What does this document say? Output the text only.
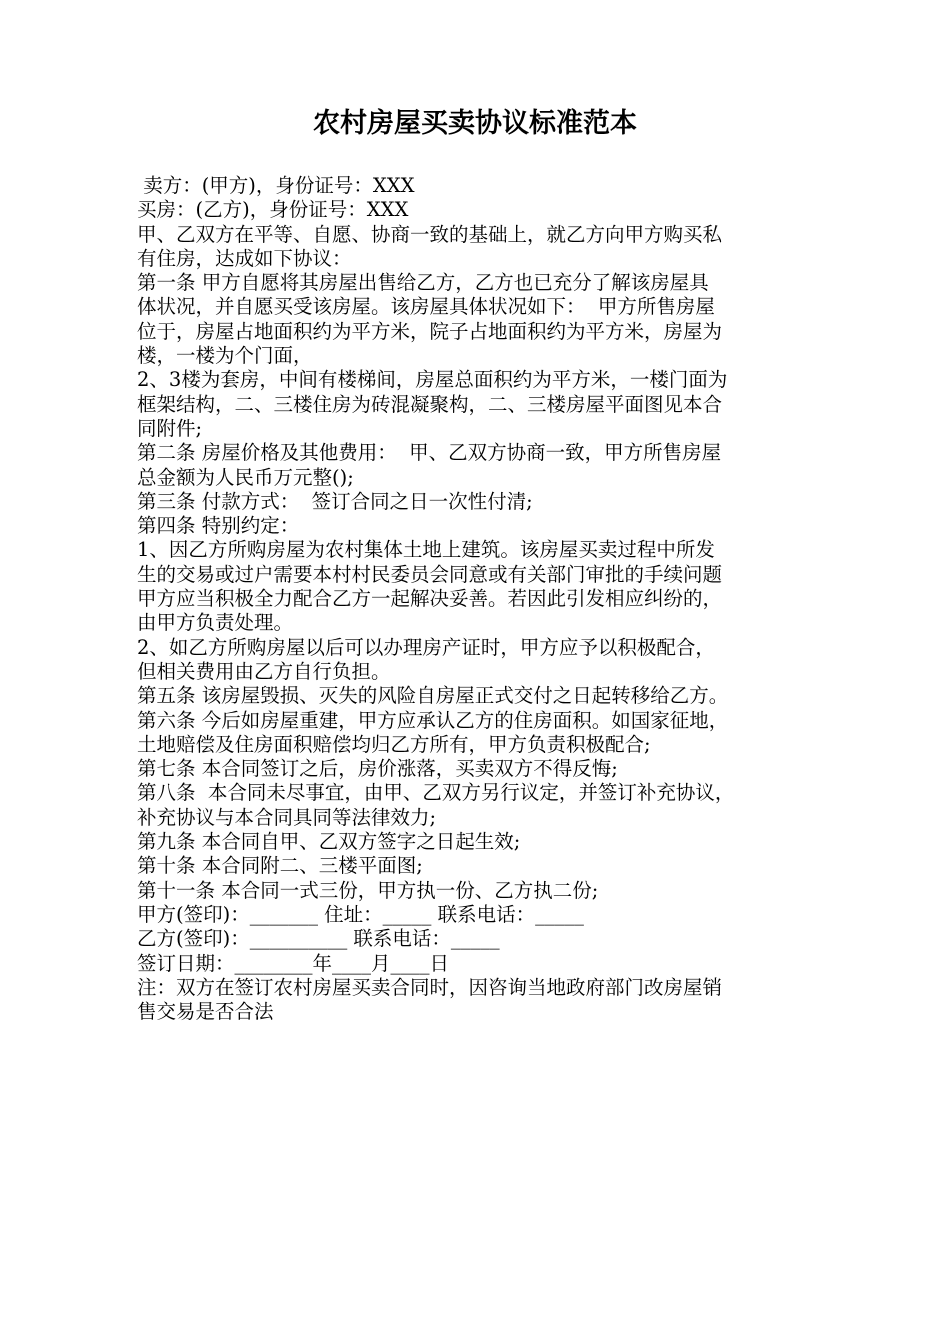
农村房屋买卖协议标准范本
卖方：(甲方)，身份证号：XXX
买房：(乙方)，身份证号：XXX
甲、乙双方在平等、自愿、协商一致的基础上，就乙方向甲方购买私
有住房，达成如下协议：
第一条 甲方自愿将其房屋出售给乙方，乙方也已充分了解该房屋具
体状况，并自愿买受该房屋。该房屋具体状况如下：  甲方所售房屋
位于，房屋占地面积约为平方米，院子占地面积约为平方米，房屋为
楼，一楼为个门面，
2、3楼为套房，中间有楼梯间，房屋总面积约为平方米，一楼门面为
框架结构，二、三楼住房为砖混凝聚构，二、三楼房屋平面图见本合
同附件;
第二条 房屋价格及其他费用：  甲、乙双方协商一致，甲方所售房屋
总金额为人民币万元整();
第三条 付款方式：  签订合同之日一次性付清;
第四条 特别约定：
1、因乙方所购房屋为农村集体土地上建筑。该房屋买卖过程中所发
生的交易或过户需要本村村民委员会同意或有关部门审批的手续问题
甲方应当积极全力配合乙方一起解决妥善。若因此引发相应纠纷的，
由甲方负责处理。
2、如乙方所购房屋以后可以办理房产证时，甲方应予以积极配合，
但相关费用由乙方自行负担。
第五条 该房屋毁损、灭失的风险自房屋正式交付之日起转移给乙方。
第六条 今后如房屋重建，甲方应承认乙方的住房面积。如国家征地，
土地赔偿及住房面积赔偿均归乙方所有，甲方负责积极配合;
第七条 本合同签订之后，房价涨落，买卖双方不得反悔;
第八条  本合同未尽事宜，由甲、乙双方另行议定，并签订补充协议，
补充协议与本合同具同等法律效力;
第九条 本合同自甲、乙双方签字之日起生效;
第十条 本合同附二、三楼平面图;
第十一条 本合同一式三份，甲方执一份、乙方执二份;
甲方(签印)：_______ 住址：_____ 联系电话：_____
乙方(签印)：__________ 联系电话：_____
签订日期：________年____月____日
注：双方在签订农村房屋买卖合同时，因咨询当地政府部门改房屋销
售交易是否合法
